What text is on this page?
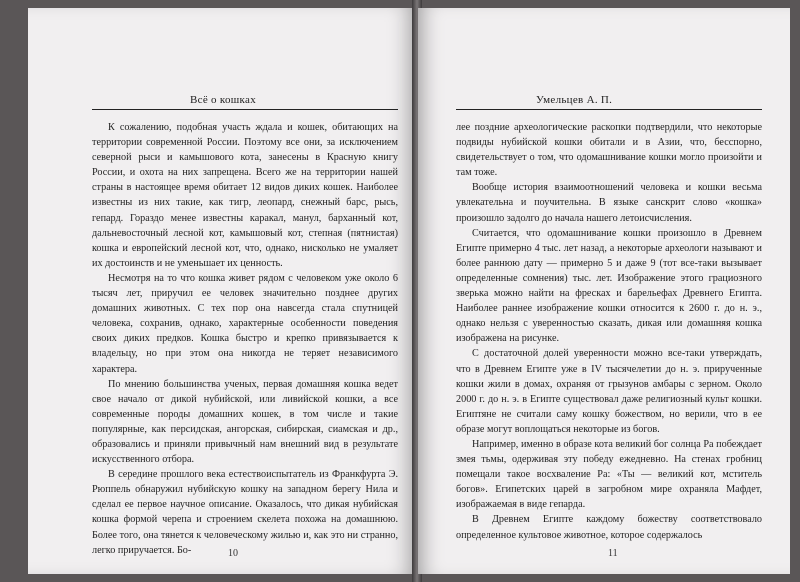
Всё о кошках

К сожалению, подобная участь ждала и кошек, обитающих на территории современной России. Поэтому все они, за исключением северной рыси и камышового кота, занесены в Красную книгу России, и охота на них запрещена. Всего же на территории нашей страны в настоящее время обитает 12 видов диких кошек. Наиболее известны из них такие, как тигр, леопард, снежный барс, рысь, гепард. Гораздо менее известны каракал, манул, барханный кот, дальневосточный лесной кот, камышовый кот, степная (пятнистая) кошка и европейский лесной кот, что, однако, нисколько не умаляет их достоинств и не уменьшает их ценность.

Несмотря на то что кошка живет рядом с человеком уже около 6 тысяч лет, приручил ее человек значительно позднее других домашних животных. С тех пор она навсегда стала спутницей человека, сохранив, однако, характерные особенности поведения своих диких предков. Кошка быстро и крепко привязывается к владельцу, но при этом она никогда не теряет независимого характера.

По мнению большинства ученых, первая домашняя кошка ведет свое начало от дикой нубийской, или ливийской кошки, а все современные породы домашних кошек, в том числе и такие популярные, как персидская, ангорская, сибирская, сиамская и др., образовались и приняли привычный нам внешний вид в результате искусственного отбора.

В середине прошлого века естествоиспытатель из Франкфурта Э. Рюппель обнаружил нубийскую кошку на западном берегу Нила и сделал ее первое научное описание. Оказалось, что дикая нубийская кошка формой черепа и строением скелета похожа на домашнюю. Более того, она тянется к человеческому жилью и, как это ни странно, легко приручается. Бо-	10
Умельцев А. П.

лее поздние археологические раскопки подтвердили, что некоторые подвиды нубийской кошки обитали и в Азии, что, бесспорно, свидетельствует о том, что одомашнивание кошки могло произойти и там тоже.

Вообще история взаимоотношений человека и кошки весьма увлекательна и поучительна. В языке санскрит слово «кошка» произошло задолго до начала нашего летоисчисления.

Считается, что одомашнивание кошки произошло в Древнем Египте примерно 4 тыс. лет назад, а некоторые археологи называют и более раннюю дату — примерно 5 и даже 9 (тот все-таки вызывает определенные сомнения) тыс. лет. Изображение этого грациозного зверька можно найти на фресках и барельефах Древнего Египта. Наиболее раннее изображение кошки относится к 2600 г. до н. э., однако нельзя с уверенностью сказать, дикая или домашняя кошка изображена на рисунке.

С достаточной долей уверенности можно все-таки утверждать, что в Древнем Египте уже в IV тысячелетии до н. э. прирученные кошки жили в домах, охраняя от грызунов амбары с зерном. Около 2000 г. до н. э. в Египте существовал даже религиозный культ кошки. Египтяне не считали саму кошку божеством, но верили, что в ее образе могут воплощаться некоторые из богов.

Например, именно в образе кота великий бог солнца Ра побеждает змея тьмы, одерживая эту победу ежедневно. На стенах гробниц помещали такое восхваление Ра: «Ты — великий кот, мститель богов». Египетских царей в загробном мире охраняла Мафдет, изображаемая в виде гепарда.

В Древнем Египте каждому божеству соответствовало определенное культовое животное, которое содержалось

11
